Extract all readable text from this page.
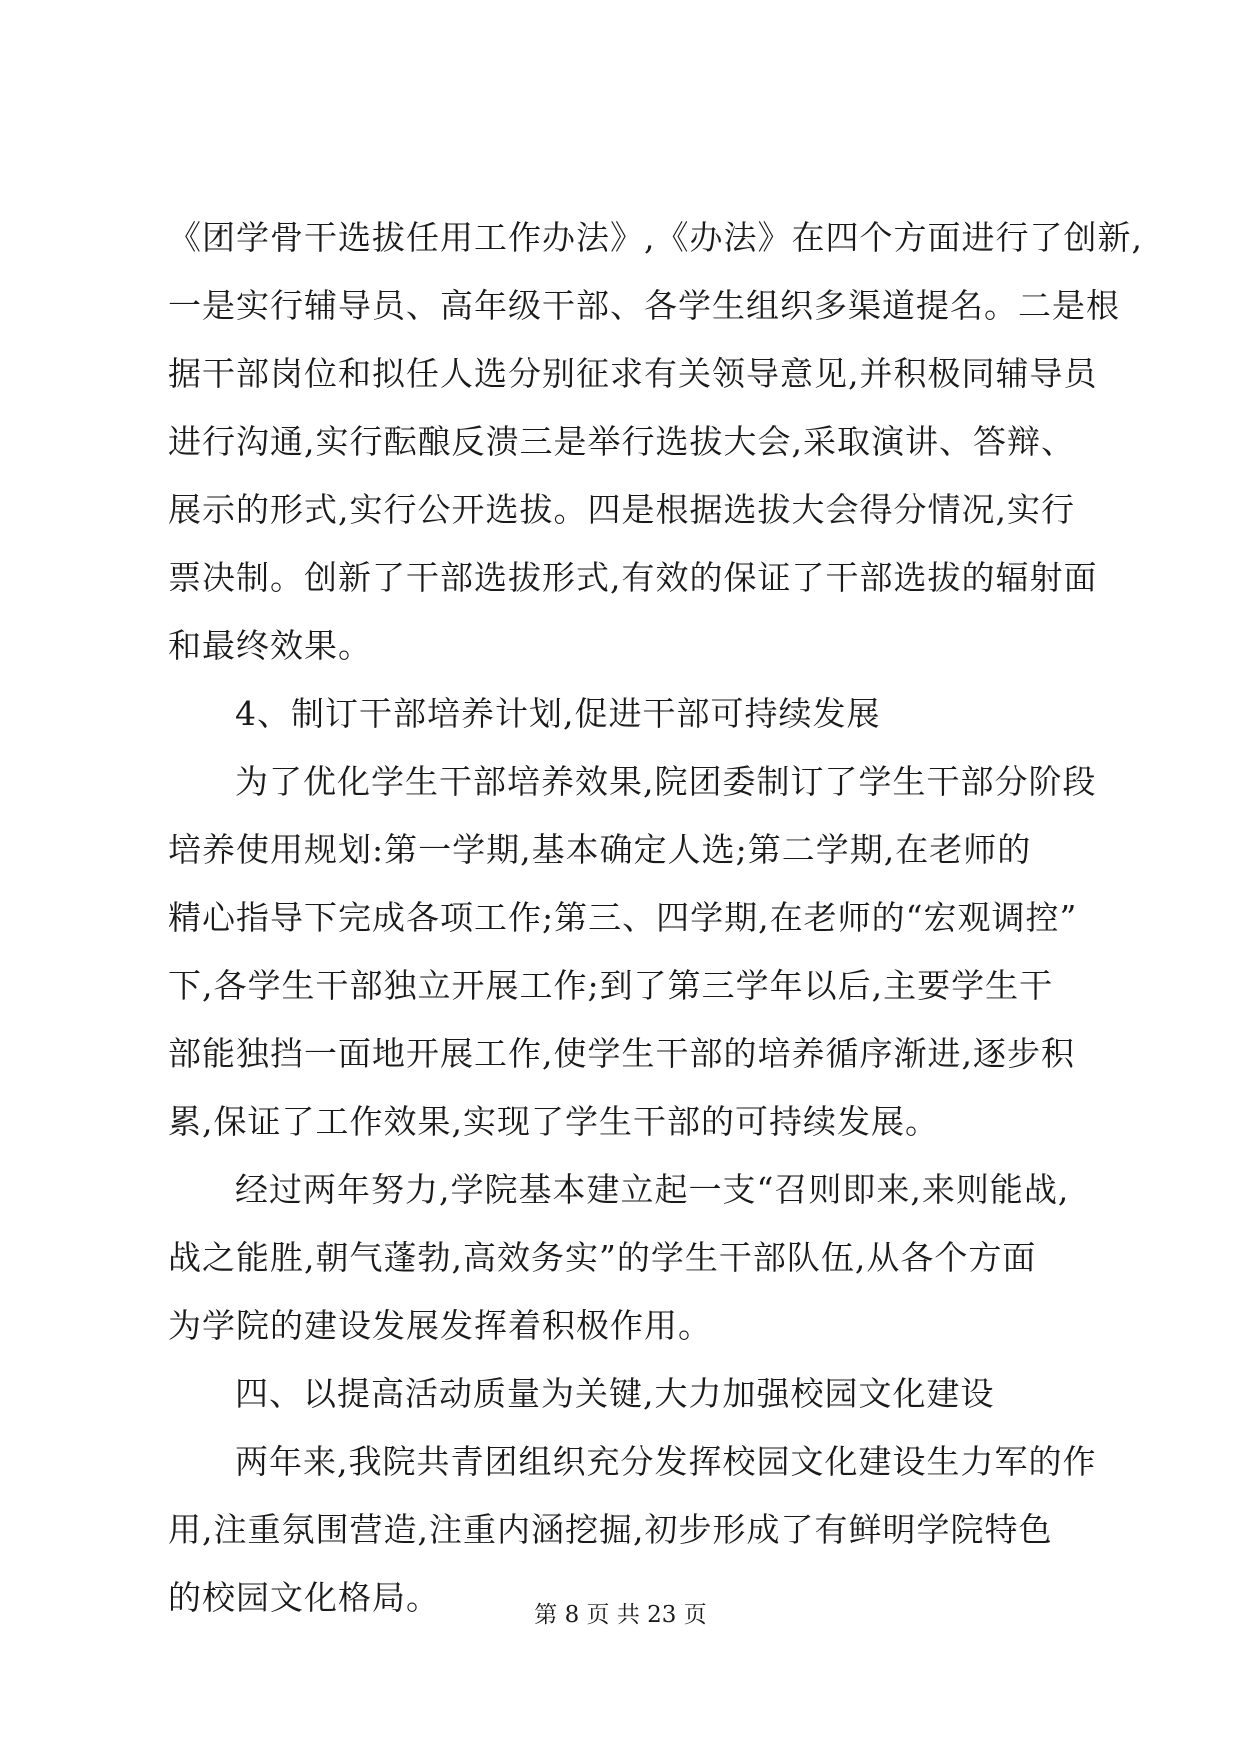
《团学骨干选拔任用工作办法》,《办法》在四个方面进行了创新,
一是实行辅导员、高年级干部、各学生组织多渠道提名。二是根
据干部岗位和拟任人选分别征求有关领导意见,并积极同辅导员
进行沟通,实行酝酿反溃三是举行选拔大会,采取演讲、答辩、
展示的形式,实行公开选拔。四是根据选拔大会得分情况,实行
票决制。创新了干部选拔形式,有效的保证了干部选拔的辐射面
和最终效果。
4、制订干部培养计划,促进干部可持续发展
为了优化学生干部培养效果,院团委制订了学生干部分阶段
培养使用规划:第一学期,基本确定人选;第二学期,在老师的
精心指导下完成各项工作;第三、四学期,在老师的“宏观调控”
下,各学生干部独立开展工作;到了第三学年以后,主要学生干
部能独挡一面地开展工作,使学生干部的培养循序渐进,逐步积
累,保证了工作效果,实现了学生干部的可持续发展。
经过两年努力,学院基本建立起一支“召则即来,来则能战,
战之能胜,朝气蓬勃,高效务实”的学生干部队伍,从各个方面
为学院的建设发展发挥着积极作用。
四、以提高活动质量为关键,大力加强校园文化建设
两年来,我院共青团组织充分发挥校园文化建设生力军的作
用,注重氛围营造,注重内涵挖掘,初步形成了有鲜明学院特色
的校园文化格局。	第 8 页 共 23 页
